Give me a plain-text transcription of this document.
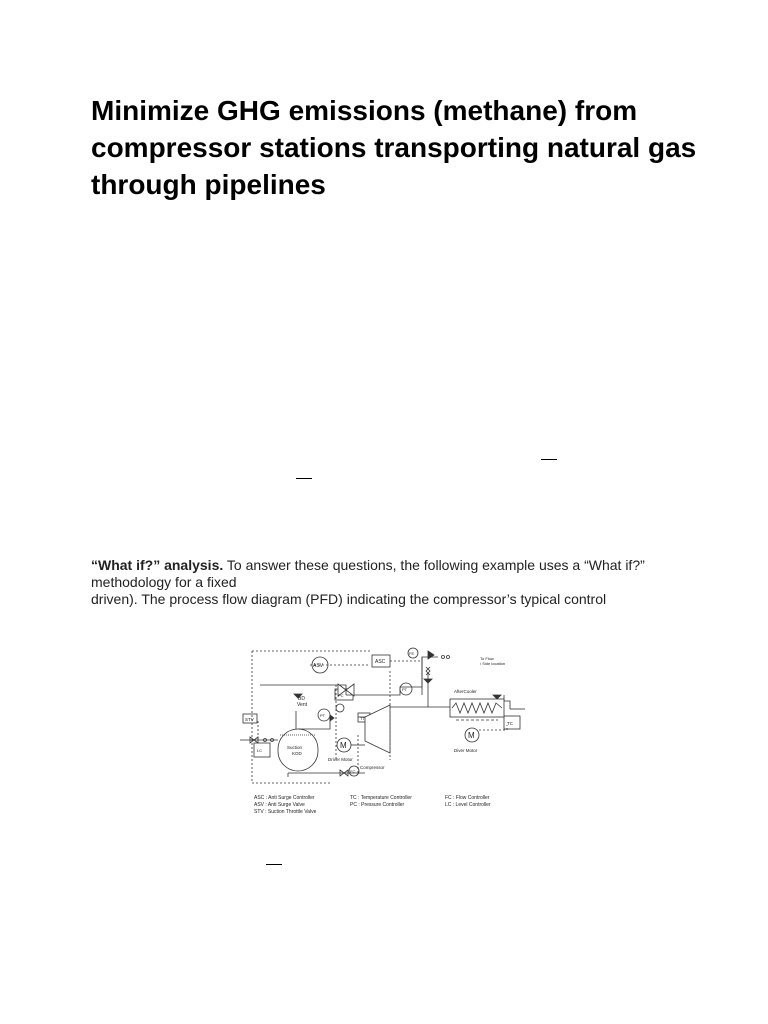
Minimize GHG emissions (methane) from compressor stations transporting natural gas through pipelines
“What if?” analysis. To answer these questions, the following example uses a “What if?” methodology for a fixed
driven). The process flow diagram (PFD) indicating the compressor’s typical control
ASV
ASC
STV
BD
Vent
Suction
KOD
M
M
Driver Motor
Compressor
AfterCooler
Diver Motor
To Flow
/ Side location
PT
PT
FE
TC
PC
LC
TT
FC
ASC : Anti Surge Controller	TC : Temperature Controller	FC : Flow Controller
ASV : Anti Surge Valve	PC : Pressure Controller	LC : Level Controller
STV : Suction Throttle Valve
